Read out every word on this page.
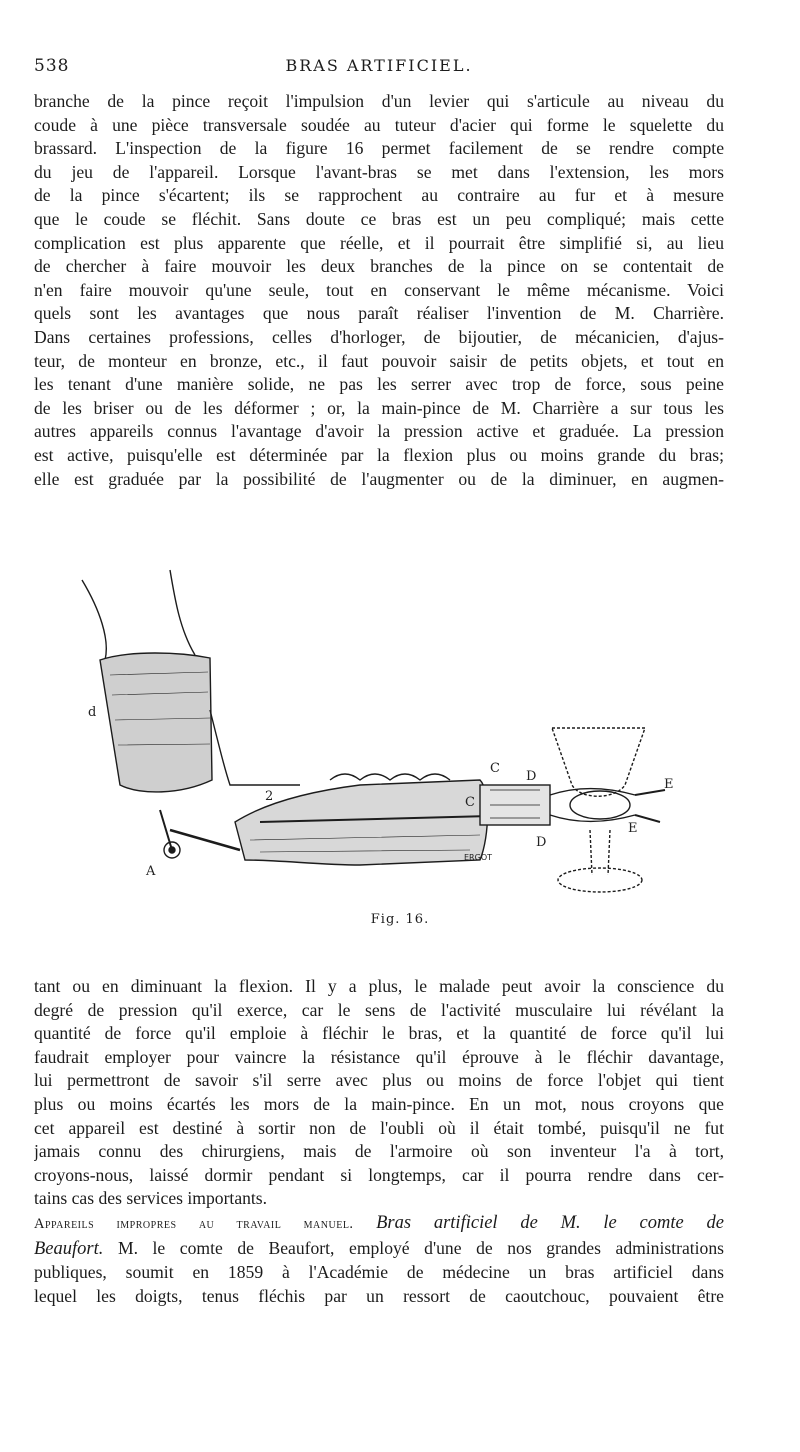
538	BRAS ARTIFICIEL.
branche de la pince reçoit l'impulsion d'un levier qui s'articule au niveau du
coude à une pièce transversale soudée au tuteur d'acier qui forme le squelette du
brassard. L'inspection de la figure 16 permet facilement de se rendre compte
du jeu de l'appareil. Lorsque l'avant-bras se met dans l'extension, les mors
de la pince s'écartent; ils se rapprochent au contraire au fur et à mesure
que le coude se fléchit. Sans doute ce bras est un peu compliqué; mais cette
complication est plus apparente que réelle, et il pourrait être simplifié si, au lieu
de chercher à faire mouvoir les deux branches de la pince on se contentait de
n'en faire mouvoir qu'une seule, tout en conservant le même mécanisme. Voici
quels sont les avantages que nous paraît réaliser l'invention de M. Charrière.
Dans certaines professions, celles d'horloger, de bijoutier, de mécanicien, d'ajus-
teur, de monteur en bronze, etc., il faut pouvoir saisir de petits objets, et tout en
les tenant d'une manière solide, ne pas les serrer avec trop de force, sous peine
de les briser ou de les déformer ; or, la main-pince de M. Charrière a sur tous les
autres appareils connus l'avantage d'avoir la pression active et graduée. La pression
est active, puisqu'elle est déterminée par la flexion plus ou moins grande du bras;
elle est graduée par la possibilité de l'augmenter ou de la diminuer, en augmen-
d
2
A
C
D
C
D
E
E
ERGOT
Fig. 16.
tant ou en diminuant la flexion. Il y a plus, le malade peut avoir la conscience du
degré de pression qu'il exerce, car le sens de l'activité musculaire lui révélant la
quantité de force qu'il emploie à fléchir le bras, et la quantité de force qu'il lui
faudrait employer pour vaincre la résistance qu'il éprouve à le fléchir davantage,
lui permettront de savoir s'il serre avec plus ou moins de force l'objet qui tient
plus ou moins écartés les mors de la main-pince. En un mot, nous croyons que
cet appareil est destiné à sortir non de l'oubli où il était tombé, puisqu'il ne fut
jamais connu des chirurgiens, mais de l'armoire où son inventeur l'a à tort,
croyons-nous, laissé dormir pendant si longtemps, car il pourra rendre dans cer-
tains cas des services importants.
Appareils impropres au travail manuel. Bras artificiel de M. le comte de
Beaufort. M. le comte de Beaufort, employé d'une de nos grandes administrations
publiques, soumit en 1859 à l'Académie de médecine un bras artificiel dans
lequel les doigts, tenus fléchis par un ressort de caoutchouc, pouvaient être
